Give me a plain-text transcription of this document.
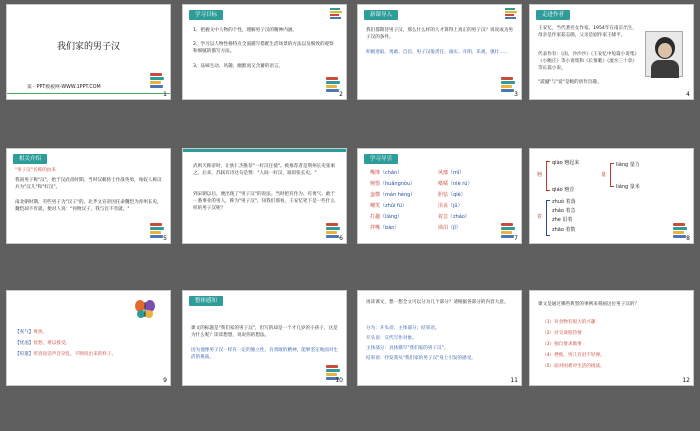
我们家的男子汉
第一PPT模板网-WWW.1PPT.COM
1
学习目标
1、把握文中人物的个性，理解男子汉的精神内涵。
2、学习以人物性格特点全面描写搭配生活场景的方法以及细致的观察和细腻的描写方法。
3、品味生动、风趣、幽默而又含蓄的语言。
2
新课导入
我们都期待男子汉，那么什么样的人才算得上真正的男子汉？说说成为男子汉的条件。
积极进取、勇敢、自信、男子汉般责任、诚实、开朗、乐观、强壮……
3
走进作者
王安忆，当代著名女作家。1954年在南京出生，母亲是作家茹志鹃，父亲是剧作家王啸平。
代表作有：《雨，沙沙沙》《王安忆中短篇小说集》《小鲍庄》等小说集和《长恨歌》《流水三十章》等长篇小说。
"震撼"与"爱"是她的创作旨趣。
4
相关介绍
"男子汉"名称的由来
我国男子称"汉"，始于汉武帝时期。当时汉朝将士作战英勇，匈奴人称汉兵为"汉儿"和"好汉"。
南北朝时期，有些男子为"汉子"的。北齐文宣帝因任命魏恺为青州长史，魏恺却不肯就，便对人说："何物汉子，我与官不肯就。"
5
武则天称帝时，让狄仁杰推荐"一好汉任使"。被推荐者是荆州长史张柬之。后来，苏轼有诗这句是赞："人间一好汉，谁似张长史。"
到宋朝以后，便出现了"男子汉"的说法。当时把有作为、有勇气、敢于一番事业的男人，称为"男子汉"。知我们那看，王安忆笔下是一些什么样的男子汉呢？
6
学习导引
嘴馋（chán）	风靡（mǐ）
惋惜（huǎngnòu）	嗫嚅（niè rú）
蛮横（mán hèng）	胆怯（qiè）
嘲笑（zhǔi fù）	沮丧（jǔ）
打趣（liàng）	着急（zháo）
拌嘴（bàn）	涕泪（jǐ）
7
翘
qiào 翘起来
qiáo 翘首
量
liàng 量力
liáng 量米
着
zhuó 着落
zháo 着急
zhe 沿着
zhāo 着数
8
【爽气】爽快。
【忧虑】忧愁，难以接受。
【喧嚣】形容说话声音杂乱，不断说出来的样子。
9
整体感知
课文的标题是"我们家的男子汉"，但写的却是一个才几岁的小孩子，这是为什么呢？读读想想，说说你的想法。
因为他像男子汉一样有一定的独立性、有勇敢的精神，能够坚定地面对生活的挑战。
10
再读课文，想一想全文可以分为几个部分？请根据各部分的内容大意。
分为：开头语；主体部分；结束语。
开头语：交代写作对象。
主体部分：具体描写"我们家的男子汉"。
结束语：抒发我从"我们家的男子汉"身上引发的感受。
11
课文是通过哪些典型的事例来刻画这位男子汉的？
（1）对食物有很大的兴趣
（2）对交谈很热情
（3）独自要求做事
（4）挫败，男儿有泪不轻弹。
（5）面对困难对生活的挑战。
12
